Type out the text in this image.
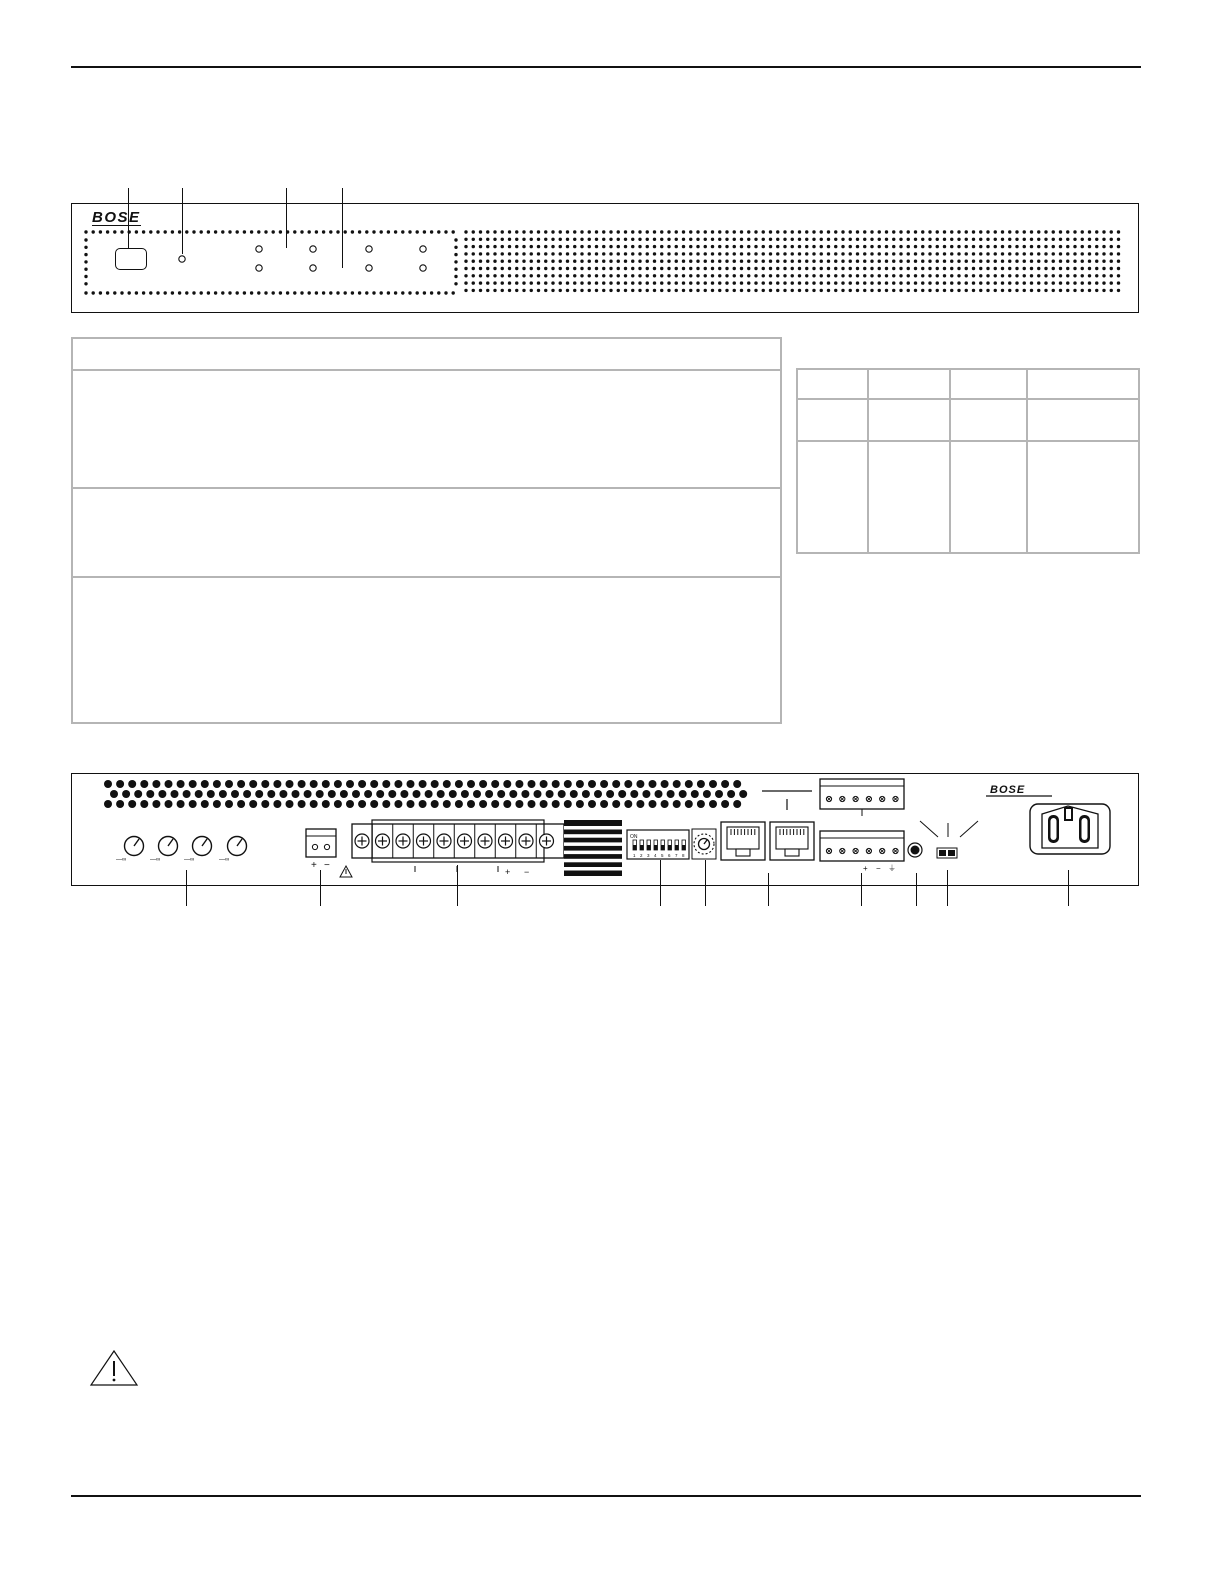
BOSE
—∞	—∞	—∞	—∞	+ −
+ −
ON
1 2 3 4 5 6 7 8
+ − ⏚
BOSE
